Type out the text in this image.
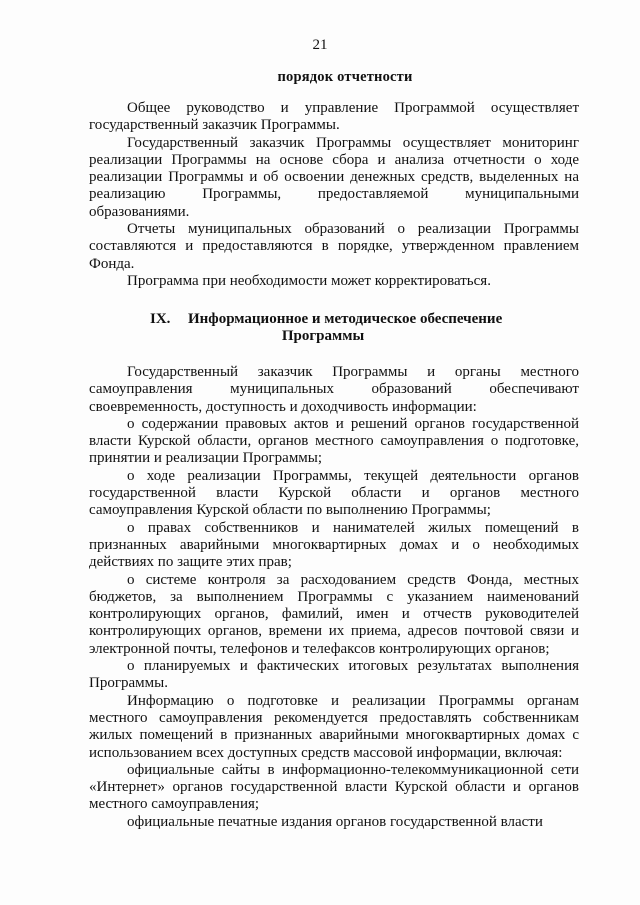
21
порядок отчетности

Общее руководство и управление Программой осуществляет государственный заказчик Программы.

Государственный заказчик Программы осуществляет мониторинг реализации Программы на основе сбора и анализа отчетности о ходе реализации Программы и об освоении денежных средств, выделенных на реализацию Программы, предоставляемой муниципальными образованиями.

Отчеты муниципальных образований о реализации Программы составляются и предоставляются в порядке, утвержденном правлением Фонда.

Программа при необходимости может корректироваться.

IX. Информационное и методическое обеспечение
Программы

Государственный заказчик Программы и органы местного самоуправления муниципальных образований обеспечивают своевременность, доступность и доходчивость информации:

о содержании правовых актов и решений органов государственной власти Курской области, органов местного самоуправления о подготовке, принятии и реализации Программы;

о ходе реализации Программы, текущей деятельности органов государственной власти Курской области и органов местного самоуправления Курской области по выполнению Программы;

о правах собственников и нанимателей жилых помещений в признанных аварийными многоквартирных домах и о необходимых действиях по защите этих прав;

о системе контроля за расходованием средств Фонда, местных бюджетов, за выполнением Программы с указанием наименований контролирующих органов, фамилий, имен и отчеств руководителей контролирующих органов, времени их приема, адресов почтовой связи и электронной почты, телефонов и телефаксов контролирующих органов;

о планируемых и фактических итоговых результатах выполнения Программы.

Информацию о подготовке и реализации Программы органам местного самоуправления рекомендуется предоставлять собственникам жилых помещений в признанных аварийными многоквартирных домах с использованием всех доступных средств массовой информации, включая:

официальные сайты в информационно-телекоммуникационной сети «Интернет» органов государственной власти Курской области и органов местного самоуправления;

официальные печатные издания органов государственной власти
